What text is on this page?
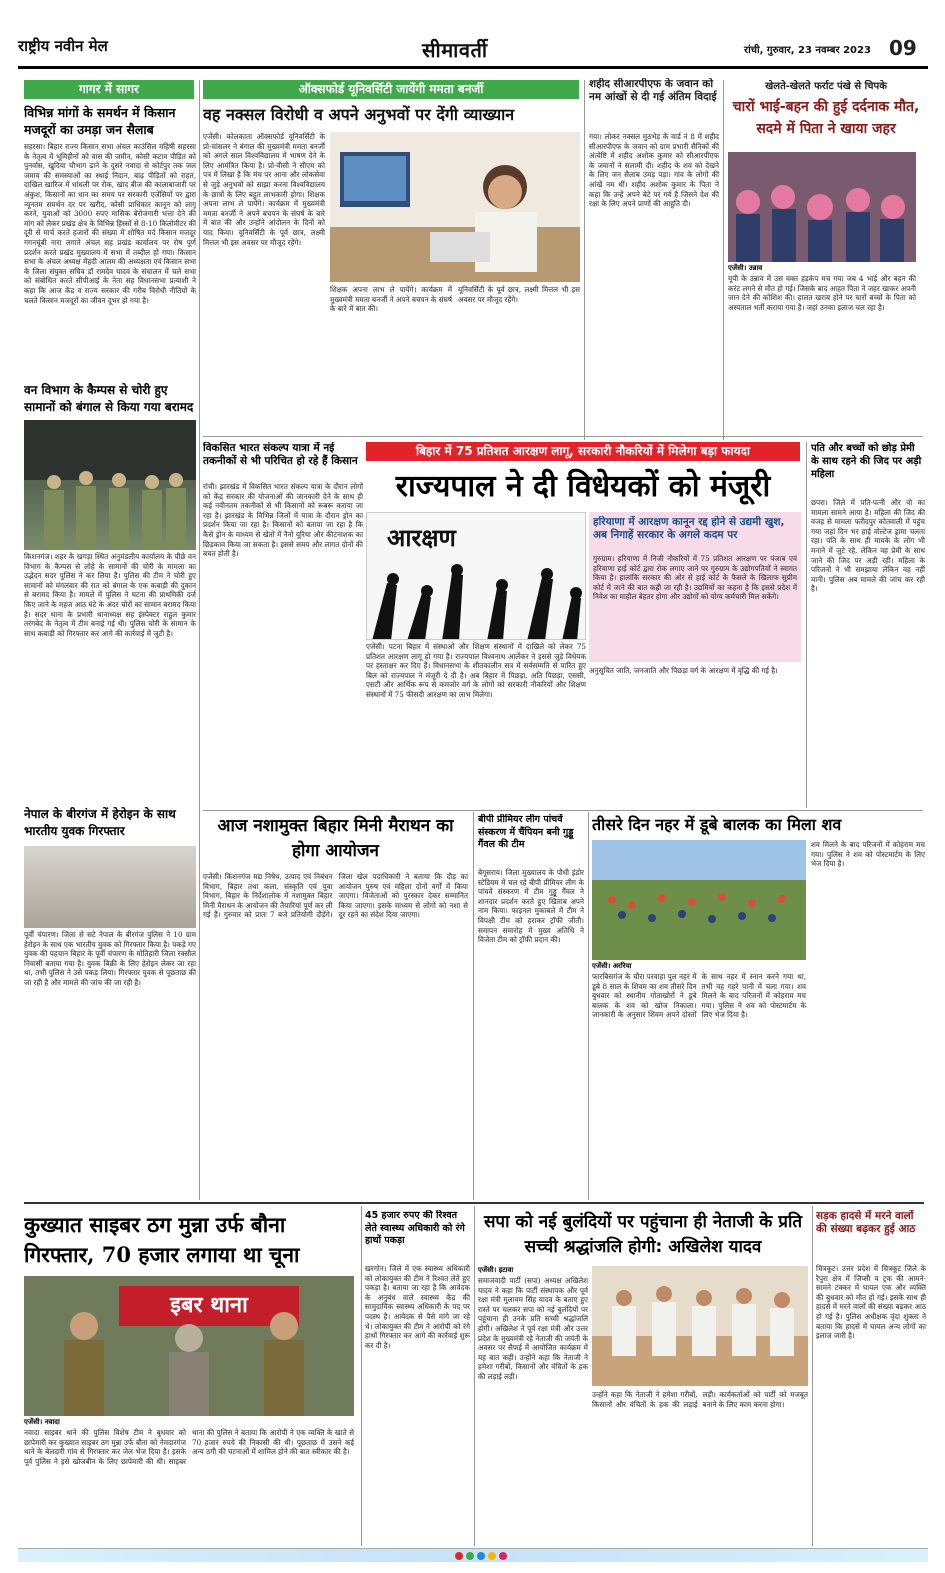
राष्ट्रीय नवीन मेल	सीमावर्ती	रांची, गुरुवार, 23 नवम्बर 2023 09
गागर में सागर
विभिन्न मांगों के समर्थन में किसान मजदूरों का उमड़ा जन सैलाब
सहरसा। बिहार राज्य किसान सभा अंचल काउंसिल महिषी सहरसा के नेतृत्व में भूमिहीनों को वास की जमीन, कोसी कटाव पीड़ित को पुनर्वास, खुदिया चौभाग ढाने के दुसरे नवादा से कोर्टपुर तक जल जमाव की समस्याओं का स्थाई निदान, बाढ़ पीड़ितों को राहत, दाखिल खारिज में धांधली पर रोक, खाद बीज की कालाबाजारी पर अंकुश, किसानों का धान का समय पर सरकारी एजेंसियों पर द्वारा न्यूनतम समर्थन दर पर खरीद, कोसी प्राधिकार कानून को लागू करने, युवाओं को 3000 रुपए मासिक बेरोजगारी भत्ता देने की मांग को लेकर प्रखंड क्षेत्र के विभिन्न हिस्सों से 8-10 किलोमीटर की दूरी से मार्च करते हजारों की संख्या में शोषित मर्द किसान मजदूर गगनचूंबी नारा लगाते अंचल सह प्रखंड कार्यालय पर रोष पूर्ण प्रदर्शन करते प्रखंड मुख्यालय में सभा में तब्दील हो गया। किसान सभा के अंचल अध्यक्ष मेंहदी आलम की अध्यक्षता एवं किसान सभा के जिला संयुक्त सचिव डॉ रामदेव यादव के संचालन में चले सभा को संबोधित करते सीपीआई के नेता सह विधानसभा प्रत्याशी ने कहा कि आज केंद्र व राज्य सरकार की गरीब विरोधी नीतियों के चलते किसान मजदूरों का जीवन दूभर हो गया है।
वन विभाग के कैम्पस से चोरी हुए सामानों को बंगाल से किया गया बरामद
किशनगंज। शहर के खगड़ा स्थित अनुमंडलीय कार्यालय के पीछे वन विभाग के कैम्पस से लोहे के सामानों की चोरी के मामला का उद्भेदन सदर पुलिस ने कर लिया है। पुलिस की टीम ने चोरी हुए सामानों को मंगलवार की रात को बंगाल के एक कबाड़ी की दुकान से बरामद किया है। मामले में पुलिस ने घटना की प्राथमिकी दर्ज किए जाने के महज आठ घंटे के अंदर चोरों का सामान बरामद किया है। सदर थाना के प्रभारी थानाध्यक्ष सह इंस्पेक्टर राहुल कुमार तरंगबेद के नेतृत्व में टीम बनाई गई थी। पुलिस चोरी के सामान के साथ कबाड़ी को गिरफ्तार कर आगे की कार्रवाई में जुटी है।
नेपाल के बीरगंज में हेरोइन के साथ भारतीय युवक गिरफ्तार
पूर्वी चंपारण। जिला से सटे नेपाल के बीरगंज पुलिस ने 10 ग्राम हेरोइन के साथ एक भारतीय युवक को गिरफ्तार किया है। पकड़े गए युवक की पहचान बिहार के पूर्वी चंपारण के मोतिहारी जिला रक्सौल निवासी बताया गया है। युवक बिक्री के लिए हेरोइन लेकर जा रहा था, तभी पुलिस ने उसे पकड़ लिया। गिरफ्तार युवक से पूछताछ की जा रही है और मामले की जांच की जा रही है।
ऑक्सफोर्ड यूनिवर्सिटी जायेंगी ममता बनर्जी
वह नक्सल विरोधी व अपने अनुभवों पर देंगी व्याख्यान
एजेंसी। कोलकाता ऑक्सफोर्ड यूनिवर्सिटी के प्रो-चांसलर ने बंगाल की मुख्यमंत्री ममता बनर्जी को अगले साल विश्वविद्यालय में भाषण देने के लिए आमंत्रित किया है। प्रो-वीसी ने सीएम को पत्र में लिखा है कि मंच पर आना और लोकसेवा से जुड़े अनुभवों को साझा करना विश्वविद्यालय के छात्रों के लिए बहुत लाभकारी होगा। शिक्षक अपना लाभ ले पायेंगे। कार्यक्रम में मुख्यमंत्री ममता बनर्जी ने अपने बचपन के संघर्ष के बारे में बात की और उन्होंने आंदोलन के दिनों को याद किया। यूनिवर्सिटी के पूर्व छात्र, लक्ष्मी मित्तल भी इस अवसर पर मौजूद रहेंगे।
शिक्षक अपना लाभ ले पायेंगे। कार्यक्रम में मुख्यमंत्री ममता बनर्जी ने अपने बचपन के संघर्ष के बारे में बात की।
यूनिवर्सिटी के पूर्व छात्र, लक्ष्मी मित्तल भी इस अवसर पर मौजूद रहेंगे।
शहीद सीआरपीएफ के जवान को नम आंखों से दी गई अंतिम विदाई
गया। लोकर नक्सल मुठभेड़ के वार्ड नं 8 में शहीद सीआरपीएफ के जवान को ग्राम प्रभारी सैनिकों की अंत्येष्टि में शहीद अशोक कुमार को सीआरपीएफ के जवानों ने सलामी दी। शहीद के शव को देखने के लिए जन सैलाब उमड़ पड़ा। गांव के लोगों की आंखें नम थीं। शहीद अशोक कुमार के पिता ने कहा कि उन्हें अपने बेटे पर गर्व है जिसने देश की रक्षा के लिए अपने प्राणों की आहुति दी।
खेलते-खेलते फर्राट पंखे से चिपके
चारों भाई-बहन की हुई दर्दनाक मौत, सदमे में पिता ने खाया जहर
एजेंसी। उन्नाव
यूपी के उन्नाव में उस वक्त हड़कंप मच गया जब 4 भाई और बहन की करंट लगने से मौत हो गई। जिसके बाद आहत पिता ने जहर खाकर अपनी जान देने की कोशिश की। हालत खराब होने पर चारों बच्चों के पिता को अस्पताल भर्ती कराया गया है। जहां उनका इलाज चल रहा है।
विकसित भारत संकल्प यात्रा में नई तकनीकों से भी परिचित हो रहे हैं किसान
रांची। झारखंड में विकसित भारत संकल्प यात्रा के दौरान लोगों को केंद्र सरकार की योजनाओं की जानकारी देने के साथ ही कई नवीनतम तकनीकों से भी किसानों को रूबरू कराया जा रहा है। झारखंड के विभिन्न जिलों में यात्रा के दौरान ड्रोन का प्रदर्शन किया जा रहा है। किसानों को बताया जा रहा है कि कैसे ड्रोन के माध्यम से खेतों में नैनो यूरिया और कीटनाशक का छिड़काव किया जा सकता है। इससे समय और लागत दोनों की बचत होती है।
बिहार में 75 प्रतिशत आरक्षण लागू, सरकारी नौकरियों में मिलेगा बड़ा फायदा
राज्यपाल ने दी विधेयकों को मंजूरी
आरक्षण
एजेंसी। पटना बिहार में संस्थाओं और शिक्षण संस्थानों में दाखिले को लेकर 75 प्रतिशत आरक्षण लागू हो गया है। राज्यपाल विश्वनाथ आर्लेकर ने इससे जुड़े विधेयक पर हस्ताक्षर कर दिए हैं। विधानसभा के शीतकालीन सत्र में सर्वसम्मति से पारित हुए बिल को राज्यपाल ने मंजूरी दे दी है। अब बिहार में पिछड़ा, अति पिछड़ा, एससी, एसटी और आर्थिक रूप से कमजोर वर्ग के लोगों को सरकारी नौकरियों और शिक्षण संस्थानों में 75 फीसदी आरक्षण का लाभ मिलेगा।
हरियाणा में आरक्षण कानून रद्द होने से उद्यमी खुश, अब निगाहें सरकार के अगले कदम पर
गुरुग्राम। हरियाणा में निजी नौकरियों में 75 प्रतिशत आरक्षण पर पंजाब एवं हरियाणा हाई कोर्ट द्वारा रोक लगाए जाने पर गुरुग्राम के उद्योगपतियों ने स्वागत किया है। हालांकि सरकार की ओर से हाई कोर्ट के फैसले के खिलाफ सुप्रीम कोर्ट में जाने की बात कही जा रही है। उद्यमियों का कहना है कि इससे प्रदेश में निवेश का माहौल बेहतर होगा और उद्योगों को योग्य कर्मचारी मिल सकेंगे।
अनुसूचित जाति, जनजाति और पिछड़ा वर्ग के आरक्षण में वृद्धि की गई है।
पति और बच्चों को छोड़ प्रेमी के साथ रहने की जिद पर अड़ी महिला
छपरा। जिले में पति-पत्नी और वो का मामला सामने आया है। महिला की जिद की वजह से मामला फरीदपुर कोतवाली में पहुंच गया जहां दिन भर हाई वोल्टेज ड्रामा चलता रहा। पति के साथ ही मायके के लोग भी मनाने में जुटे रहे, लेकिन वह प्रेमी के साथ जाने की जिद पर अड़ी रही। महिला के परिजनों ने भी समझाया लेकिन वह नहीं मानी। पुलिस अब मामले की जांच कर रही है।
आज नशामुक्त बिहार मिनी मैराथन का होगा आयोजन
एजेंसी। किशनगंज मद्य निषेध, उत्पाद एवं निबंधन विभाग, बिहार तथा कला, संस्कृति एवं युवा विभाग, बिहार के निर्देशालोक में नशामुक्त बिहार मिनी मैराथन के आयोजन की तैयारियां पूर्ण कर ली गई हैं। गुरुवार को प्रातः 7 बजे प्रतियोगी दौड़ेंगे। जिला खेल पदाधिकारी ने बताया कि दौड़ का आयोजन पुरुष एवं महिला दोनों वर्गों में किया जाएगा। विजेताओं को पुरस्कार देकर सम्मानित किया जाएगा। इसके माध्यम से लोगों को नशा से दूर रहने का संदेश दिया जाएगा।
बीपी प्रीमियर लीग पांचवें संस्करण में चैंपियन बनी गुड्डू गैंवल की टीम
बेगूसराय। जिला मुख्यालय के पौधी इंडोर स्टेडियम में चल रहे बीपी प्रीमियर लीग के पांचवें संस्करण में टीम गुड्डू गैंवल ने शानदार प्रदर्शन करते हुए खिताब अपने नाम किया। फाइनल मुकाबले में टीम ने विपक्षी टीम को हराकर ट्रॉफी जीती। समापन समारोह में मुख्य अतिथि ने विजेता टीम को ट्रॉफी प्रदान की।
तीसरे दिन नहर में डूबे बालक का मिला शव
एजेंसी। अररिया
फारबिसगंज के चौरा परवाहा पुल नहर में डूबे 8 साल के शिवम का शव तीसरे दिन बुधवार को स्थानीय गोताखोरों ने डूबे बालक के शव को खोज निकाला। जानकारी के अनुसार शिवम अपने दोस्तों के साथ नहर में स्नान करने गया था, तभी वह गहरे पानी में चला गया। शव मिलने के बाद परिजनों में कोहराम मच गया। पुलिस ने शव को पोस्टमार्टम के लिए भेज दिया है।
शव मिलने के बाद परिजनों में कोहराम मच गया। पुलिस ने शव को पोस्टमार्टम के लिए भेज दिया है।
कुख्यात साइबर ठग मुन्ना उर्फ बौना गिरफ्तार, 70 हजार लगाया था चूना
इबर थाना
एजेंसी। नवादा
नवादा साइबर थाने की पुलिस विशेष टीम ने बुधवार को छापेमारी कर कुख्यात साइबर ठग मुन्ना उर्फ बौना को नेमदारगंज थाने के बेलदारी गांव से गिरफ्तार कर जेल भेज दिया है। इसके पूर्व पुलिस ने इसे खोजबीन के लिए छापेमारी की थी। साइबर थाना की पुलिस ने बताया कि आरोपी ने एक व्यक्ति के खाते से 70 हजार रुपये की निकासी की थी। पूछताछ में उसने कई अन्य ठगी की घटनाओं में शामिल होने की बात स्वीकार की है।
45 हजार रुपए की रिश्वत लेते स्वास्थ्य अधिकारी को रंगे हाथों पकड़ा
खरगोन। जिले में एक स्वास्थ्य अधिकारी को लोकायुक्त की टीम ने रिश्वत लेते हुए पकड़ा है। बताया जा रहा है कि आवेदक के अनुबंध वाले स्वास्थ्य केंद्र की सामुदायिक स्वास्थ्य अधिकारी के पद पर पदस्थ है। आवेदक से पैसे मांगे जा रहे थे। लोकायुक्त की टीम ने आरोपी को रंगे हाथों गिरफ्तार कर आगे की कार्रवाई शुरू कर दी है।
सपा को नई बुलंदियों पर पहुंचाना ही नेताजी के प्रति सच्ची श्रद्धांजलि होगी: अखिलेश यादव
एजेंसी। इटावा
समाजवादी पार्टी (सपा) अध्यक्ष अखिलेश यादव ने कहा कि पार्टी संस्थापक और पूर्व रक्षा मंत्री मुलायम सिंह यादव के बताए हुए रास्ते पर चलकर सपा को नई बुलंदियों पर पहुंचाना ही उनके प्रति सच्ची श्रद्धांजलि होगी। अखिलेश ने पूर्व रक्षा मंत्री और उत्तर प्रदेश के मुख्यमंत्री रहे नेताजी की जयंती के अवसर पर सैफई में आयोजित कार्यक्रम में यह बात कही। उन्होंने कहा कि नेताजी ने हमेशा गरीबों, किसानों और वंचितों के हक की लड़ाई लड़ी।
उन्होंने कहा कि नेताजी ने हमेशा गरीबों, किसानों और वंचितों के हक की लड़ाई लड़ी। कार्यकर्ताओं को पार्टी को मजबूत बनाने के लिए काम करना होगा।
सड़क हादसे में मरने वालों की संख्या बढ़कर हुई आठ
चित्रकूट। उत्तर प्रदेश में चित्रकूट जिले के रैपुरा क्षेत्र में जिप्सी व ट्रक की आमने-सामने टक्कर में घायल एक और व्यक्ति की बुधवार को मौत हो गई। इसके साथ ही हादसे में मरने वालों की संख्या बढ़कर आठ हो गई है। पुलिस अधीक्षक वृंदा शुक्ला ने बताया कि हादसे में घायल अन्य लोगों का इलाज जारी है।
